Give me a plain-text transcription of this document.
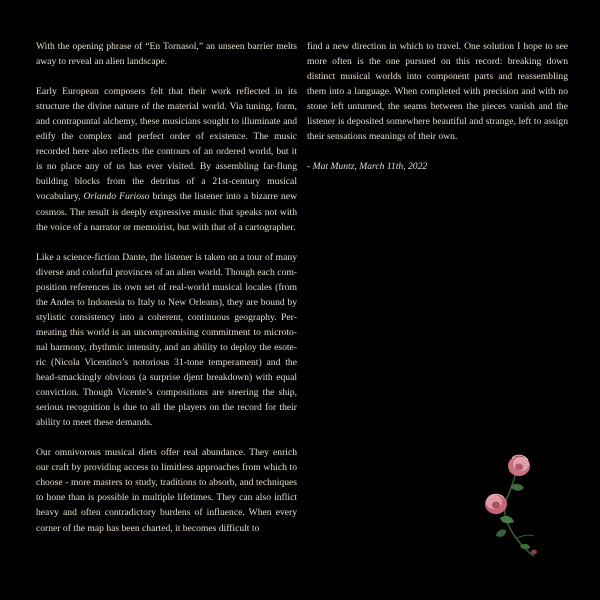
With the opening phrase of “En Tornasol,” an unseen barrier melts away to reveal an alien landscape.

Early European composers felt that their work reflected in its structure the divine nature of the material world. Via tuning, form, and contrapuntal alchemy, these musicians sought to illuminate and edify the complex and perfect order of existence. The music recorded here also reflects the contours of an ordered world, but it is no place any of us has ever visited. By assembling far-flung building blocks from the detritus of a 21st-century musical vocabulary, Orlando Furioso brings the listener into a bizarre new cosmos. The result is deeply expressive music that speaks not with the voice of a narrator or memoirist, but with that of a cartographer.

Like a science-fiction Dante, the listener is taken on a tour of many diverse and colorful provinces of an alien world. Though each composition references its own set of real-world musical locales (from the Andes to Indonesia to Italy to New Orleans), they are bound by stylistic consistency into a coherent, continuous geography. Permeating this world is an uncompromising commitment to microtonal harmony, rhythmic intensity, and an ability to deploy the esoteric (Nicola Vicentino’s notorious 31-tone temperament) and the head-smackingly obvious (a surprise djent breakdown) with equal conviction. Though Vicente’s compositions are steering the ship, serious recognition is due to all the players on the record for their ability to meet these demands.

Our omnivorous musical diets offer real abundance. They enrich our craft by providing access to limitless approaches from which to choose - more masters to study, traditions to absorb, and techniques to hone than is possible in multiple lifetimes. They can also inflict heavy and often contradictory burdens of influence. When every corner of the map has been charted, it becomes difficult to

find a new direction in which to travel. One solution I hope to see more often is the one pursued on this record: breaking down distinct musical worlds into component parts and reassembling them into a language. When completed with precision and with no stone left unturned, the seams between the pieces vanish and the listener is deposited somewhere beautiful and strange, left to assign their sensations meanings of their own.

- Mat Muntz, March 11th, 2022
